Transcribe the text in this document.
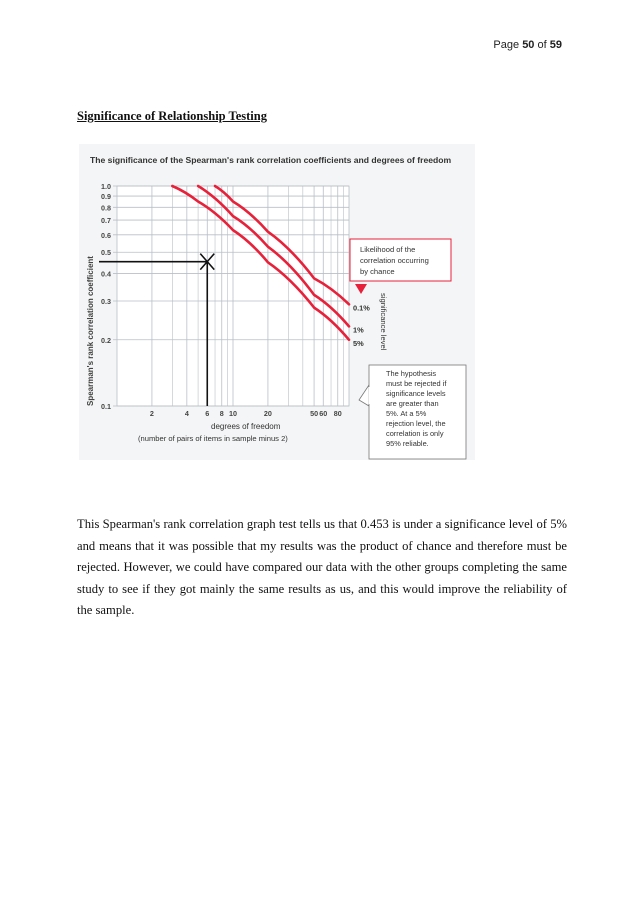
Page 50 of 59
Significance of Relationship Testing
The significance of the Spearman's rank correlation coefficients and degrees of freedom
Spearman's rank correlation coefficient
degrees of freedom
(number of pairs of items in sample minus 2)
0.1
0.2
0.3
0.4
0.5
0.6
0.7
0.8
0.9
1.0
2	4 6 8 10	20	50 60 80
0.1%
1%
5%
Likelihood of the
correlation occurring
by chance
significance level
The hypothesis
must be rejected if
significance levels
are greater than
5%. At a 5%
rejection level, the
correlation is only
95% reliable.
This Spearman's rank correlation graph test tells us that 0.453 is under a significance level of 5% and means that it was possible that my results was the product of chance and therefore must be rejected. However, we could have compared our data with the other groups completing the same study to see if they got mainly the same results as us, and this would improve the reliability of the sample.
